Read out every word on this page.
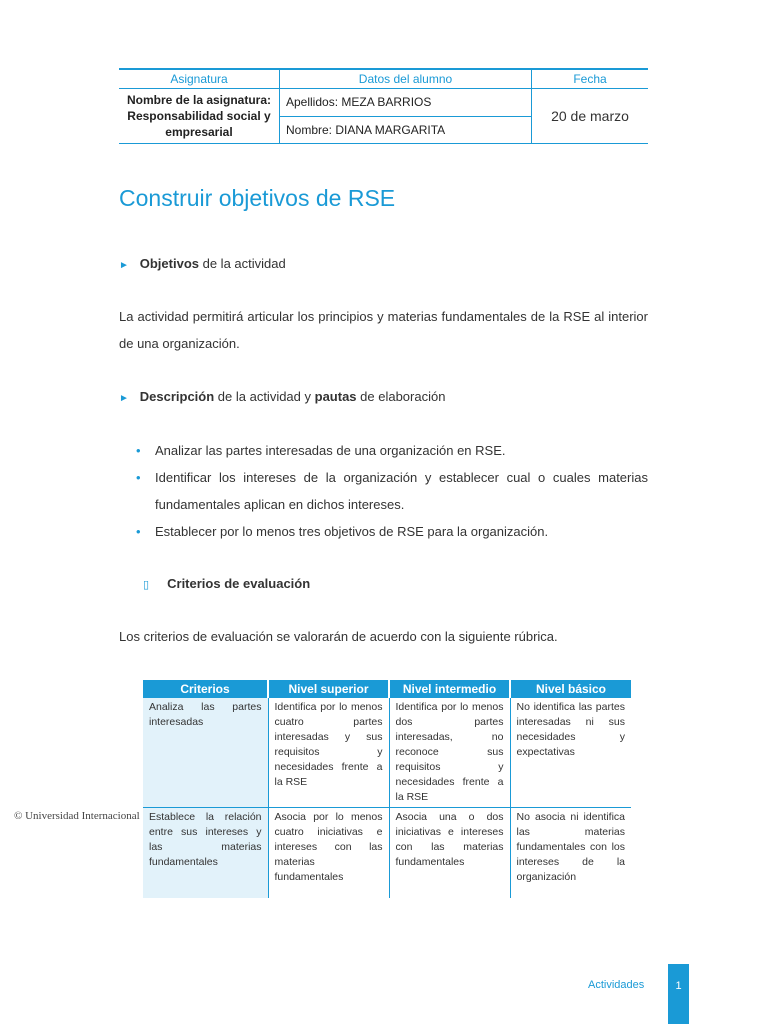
Asignatura	Datos del alumno	Fecha
Nombre de la asignatura:
Responsabilidad social y empresarial	Apellidos: MEZA BARRIOS	20 de marzo
	Nombre: DIANA MARGARITA	
Construir objetivos de RSE
► Objetivos de la actividad
La actividad permitirá articular los principios y materias fundamentales de la RSE al interior de una organización.
► Descripción de la actividad y pautas de elaboración
• Analizar las partes interesadas de una organización en RSE.
• Identificar los intereses de la organización y establecer cual o cuales materias fundamentales aplican en dichos intereses.
• Establecer por lo menos tres objetivos de RSE para la organización.
▯ Criterios de evaluación
Los criterios de evaluación se valorarán de acuerdo con la siguiente rúbrica.
Criterios	Nivel superior	Nivel intermedio	Nivel básico
Analiza las partes interesadas	Identifica por lo menos cuatro partes interesadas y sus requisitos y necesidades frente a la RSE	Identifica por lo menos dos partes interesadas, no reconoce sus requisitos y necesidades frente a la RSE	No identifica las partes interesadas ni sus necesidades y expectativas
Establece la relación entre sus intereses y las materias fundamentales	Asocia por lo menos cuatro iniciativas e intereses con las materias fundamentales	Asocia una o dos iniciativas e intereses con las materias fundamentales	No asocia ni identifica las materias fundamentales con los intereses de la organización
© Universidad Internacional
Actividades	1
